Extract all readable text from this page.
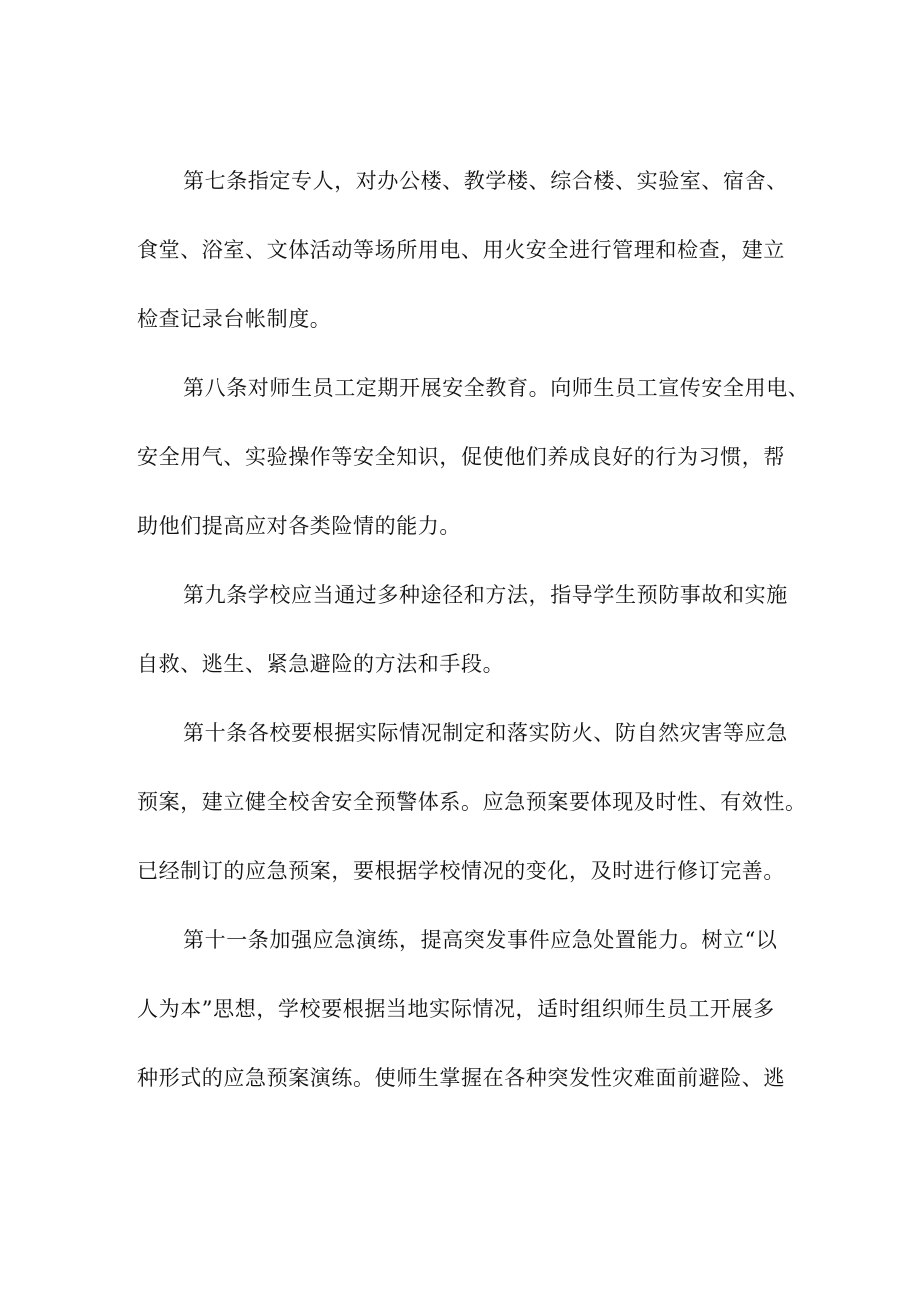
第七条指定专人，对办公楼、教学楼、综合楼、实验室、宿舍、
食堂、浴室、文体活动等场所用电、用火安全进行管理和检查，建立
检查记录台帐制度。

第八条对师生员工定期开展安全教育。向师生员工宣传安全用电、
安全用气、实验操作等安全知识，促使他们养成良好的行为习惯，帮
助他们提高应对各类险情的能力。

第九条学校应当通过多种途径和方法，指导学生预防事故和实施
自救、逃生、紧急避险的方法和手段。

第十条各校要根据实际情况制定和落实防火、防自然灾害等应急
预案，建立健全校舍安全预警体系。应急预案要体现及时性、有效性。
已经制订的应急预案，要根据学校情况的变化，及时进行修订完善。

第十一条加强应急演练，提高突发事件应急处置能力。树立“以
人为本”思想，学校要根据当地实际情况，适时组织师生员工开展多
种形式的应急预案演练。使师生掌握在各种突发性灾难面前避险、逃
